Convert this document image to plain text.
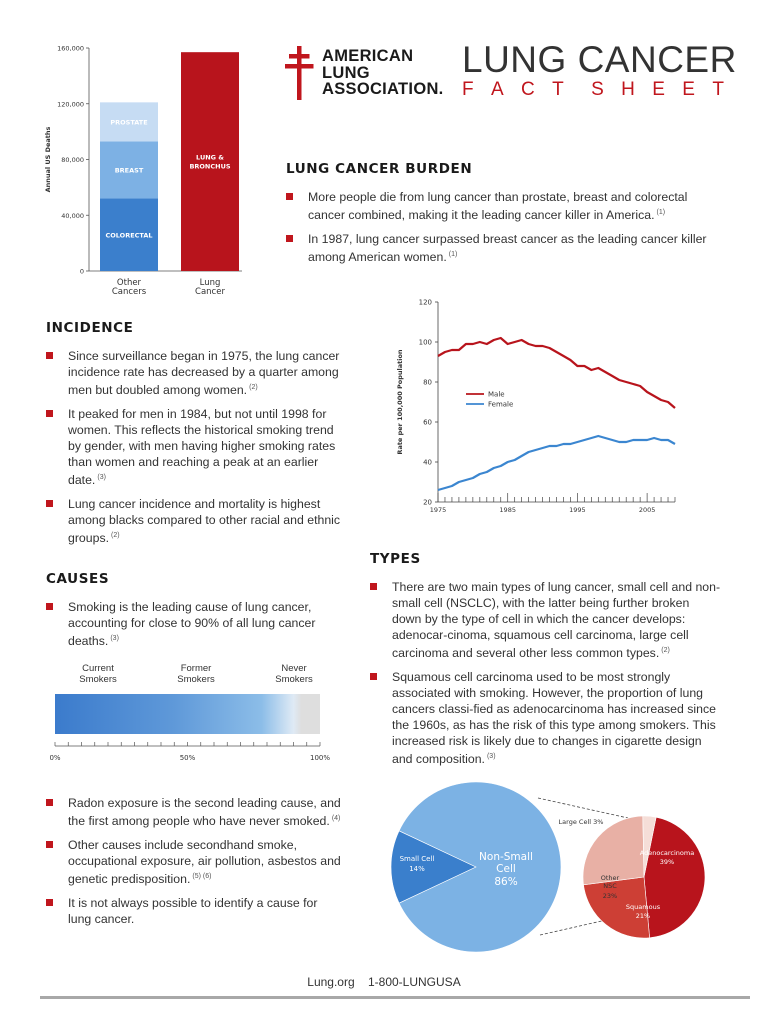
0
40,000
80,000
120,000
160,000
Annual US Deaths
COLORECTAL
BREAST
PROSTATE
Other
Cancers
LUNG &
BRONCHUS
Lung
Cancer
AMERICAN
LUNG
ASSOCIATION.
LUNG CANCER
F A C T S H E E T
LUNG CANCER BURDEN
More people die from lung cancer than prostate, breast and colorectal cancer combined, making it the leading cancer killer in America. $^{(1)}$
In 1987, lung cancer surpassed breast cancer as the leading cancer killer among American women. $^{(1)}$
INCIDENCE
Since surveillance began in 1975, the lung cancer incidence rate has decreased by a quarter among men but doubled among women. $^{(2)}$
It peaked for men in 1984, but not until 1998 for women. This reflects the historical smoking trend by gender, with men having higher smoking rates than women and reaching a peak at an earlier date. $^{(3)}$
Lung cancer incidence and mortality is highest among blacks compared to other racial and ethnic groups. $^{(2)}$
20
40
60
80
100
120
1975	1985	1995	2005
Rate per 100,000 Population	Male
Female
TYPES
There are two main types of lung cancer, small cell and non-small cell (NSCLC), with the latter being further broken down by the type of cell in which the cancer develops: adenocar-cinoma, squamous cell carcinoma, large cell carcinoma and several other less common types. $^{(2)}$
Squamous cell carcinoma used to be most strongly associated with smoking. However, the proportion of lung cancers classi-fied as adenocarcinoma has increased since the 1960s, as has the risk of this type among smokers. This increased risk is likely due to changes in cigarette design and composition. $^{(3)}$
CAUSES
Smoking is the leading cause of lung cancer, accounting for close to 90% of all lung cancer deaths. $^{(3)}$
Current
Smokers
Former
Smokers
Never
Smokers
0%	50%	100%
Radon exposure is the second leading cause, and the first among people who have never smoked. $^{(4)}$
Other causes include secondhand smoke, occupational exposure, air pollution, asbestos and genetic predisposition. $^{(5) (6)}$
It is not always possible to identify a cause for lung cancer.
Small Cell
14%
Non-Small
Cell
86%
Adenocarcinoma
39%
Squamous
21%
Other
NSC
23%
Large Cell 3%
Lung.org    1-800-LUNGUSA
